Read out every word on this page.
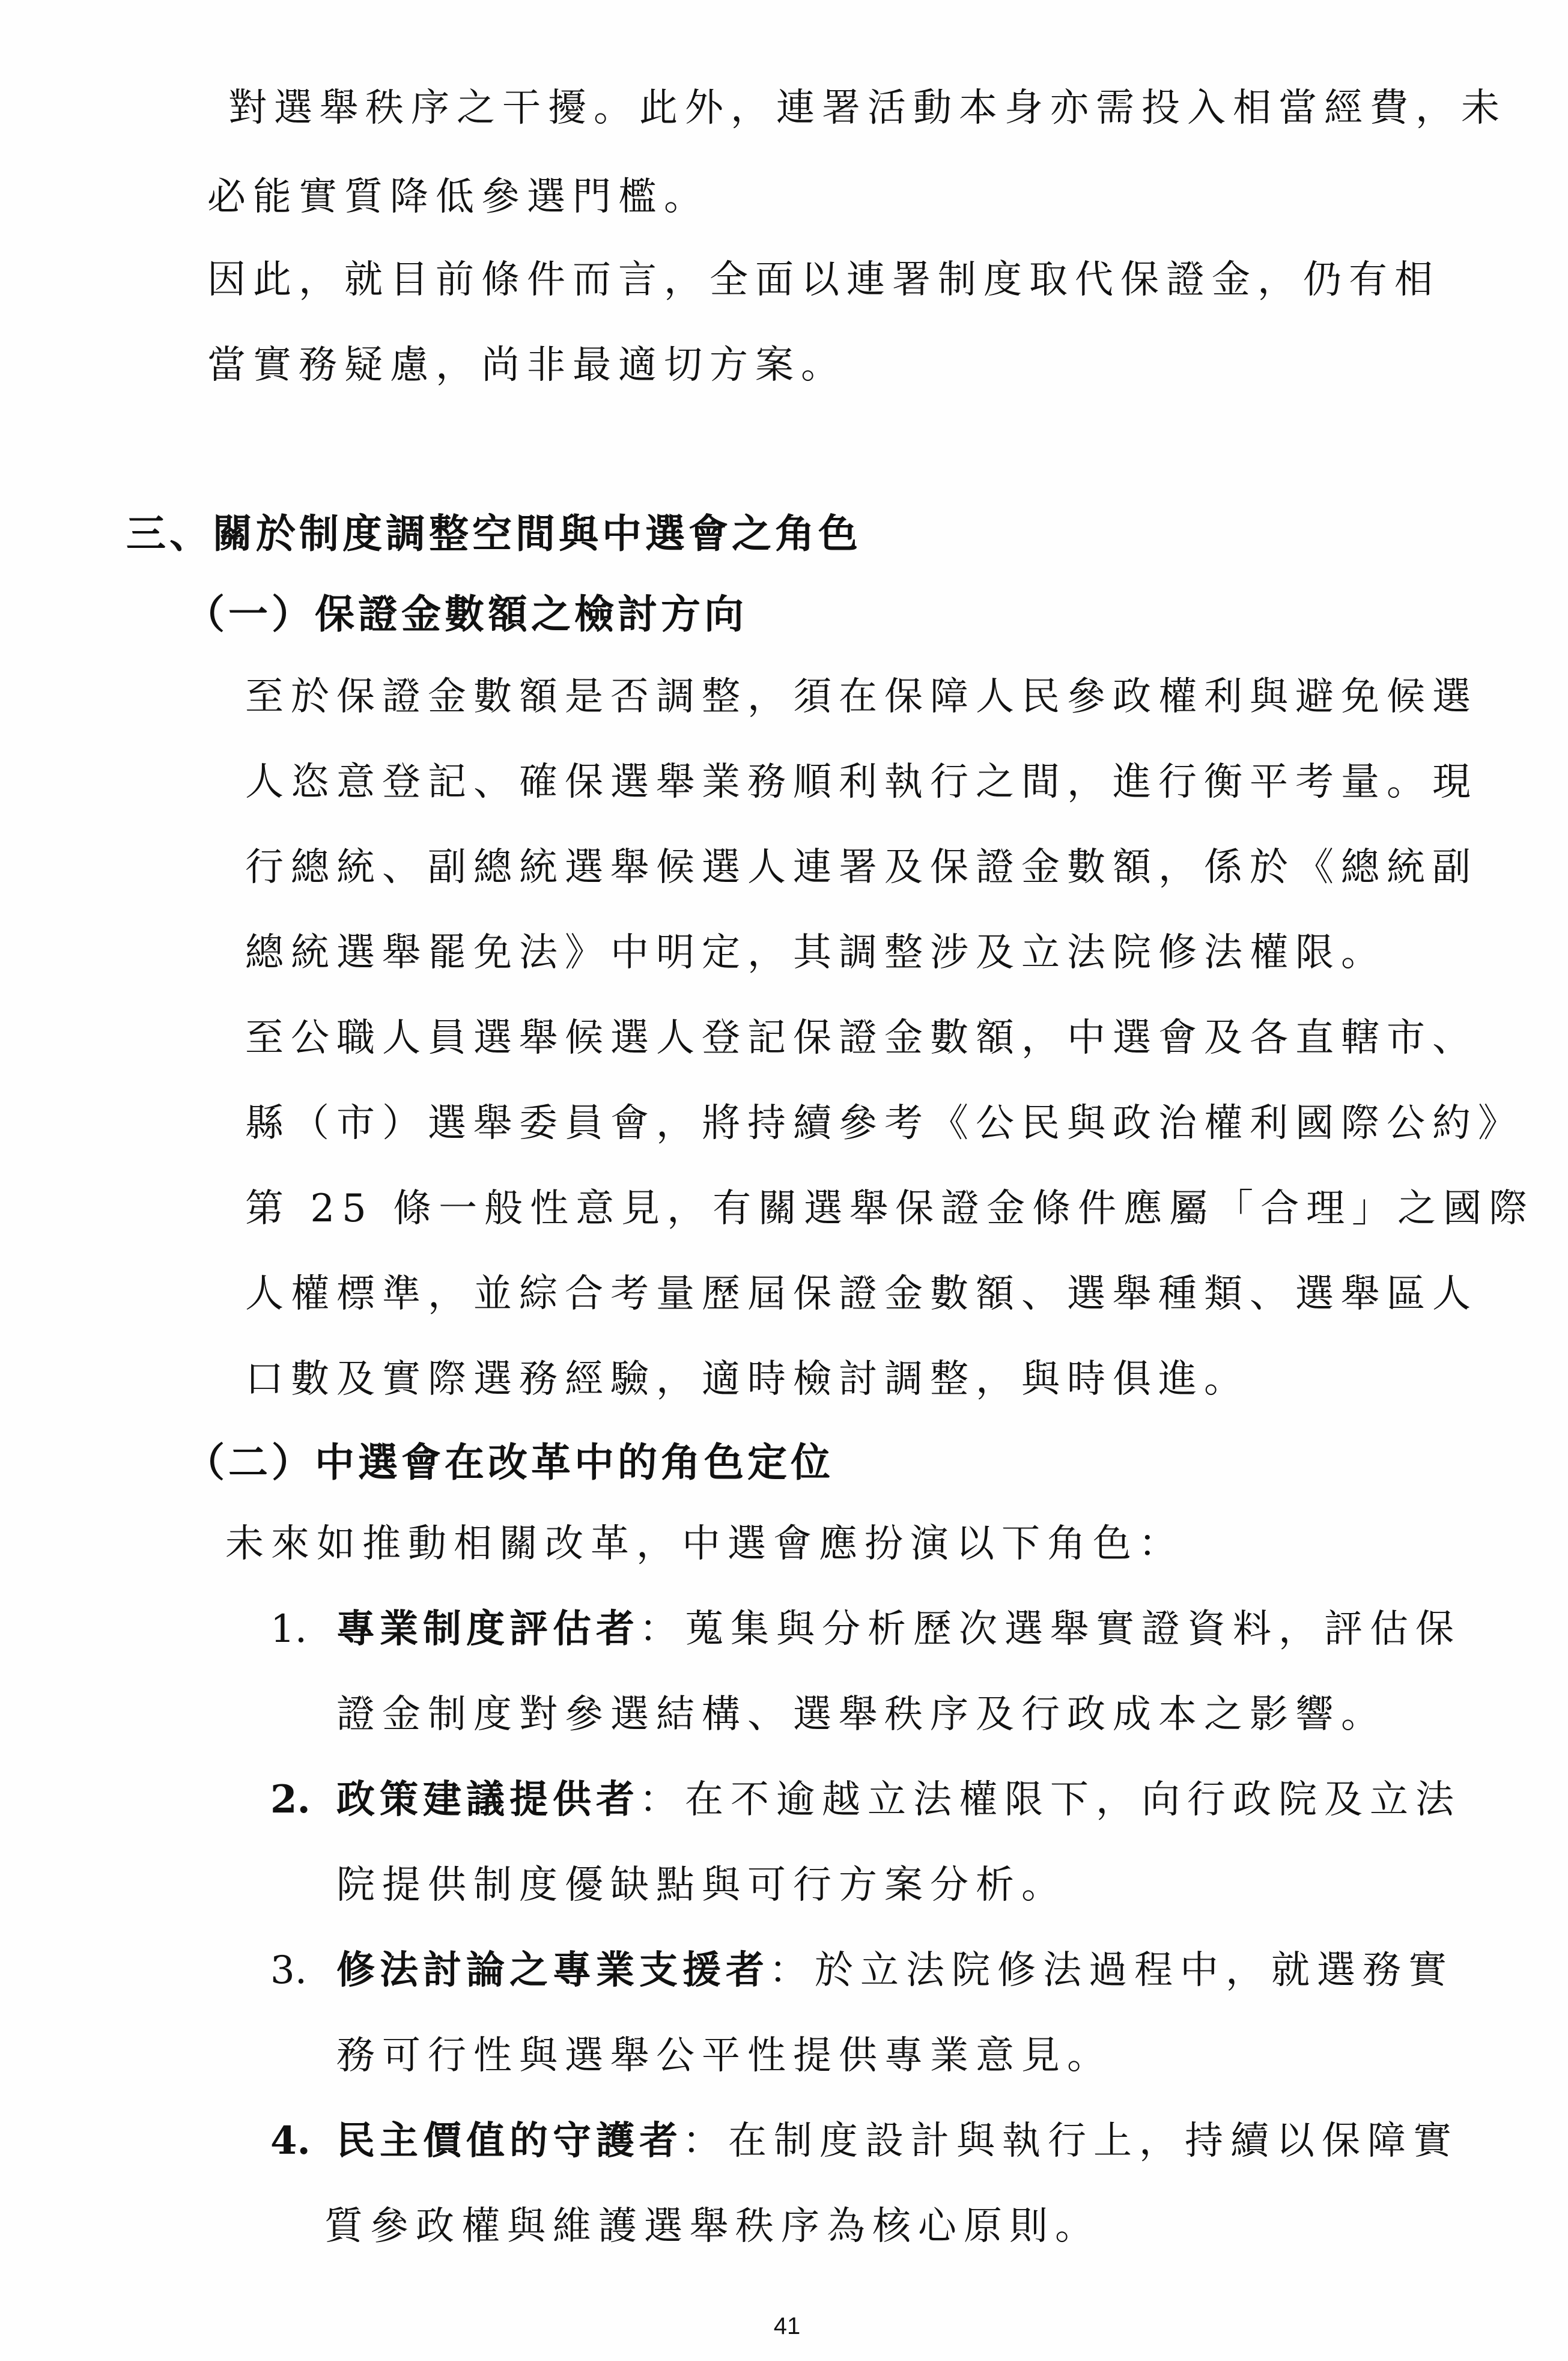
對選舉秩序之干擾。此外，連署活動本身亦需投入相當經費，未
必能實質降低參選門檻。
因此，就目前條件而言，全面以連署制度取代保證金，仍有相
當實務疑慮，尚非最適切方案。
三、關於制度調整空間與中選會之角色
（一）保證金數額之檢討方向
至於保證金數額是否調整，須在保障人民參政權利與避免候選
人恣意登記、確保選舉業務順利執行之間，進行衡平考量。現
行總統、副總統選舉候選人連署及保證金數額，係於《總統副
總統選舉罷免法》中明定，其調整涉及立法院修法權限。
至公職人員選舉候選人登記保證金數額，中選會及各直轄市、
縣（市）選舉委員會，將持續參考《公民與政治權利國際公約》
第 25 條一般性意見，有關選舉保證金條件應屬「合理」之國際
人權標準，並綜合考量歷屆保證金數額、選舉種類、選舉區人
口數及實際選務經驗，適時檢討調整，與時俱進。
（二）中選會在改革中的角色定位
未來如推動相關改革，中選會應扮演以下角色：
1. 專業制度評估者：蒐集與分析歷次選舉實證資料，評估保
證金制度對參選結構、選舉秩序及行政成本之影響。
2. 政策建議提供者：在不逾越立法權限下，向行政院及立法
院提供制度優缺點與可行方案分析。
3. 修法討論之專業支援者：於立法院修法過程中，就選務實
務可行性與選舉公平性提供專業意見。
4. 民主價值的守護者：在制度設計與執行上，持續以保障實
質參政權與維護選舉秩序為核心原則。
41
